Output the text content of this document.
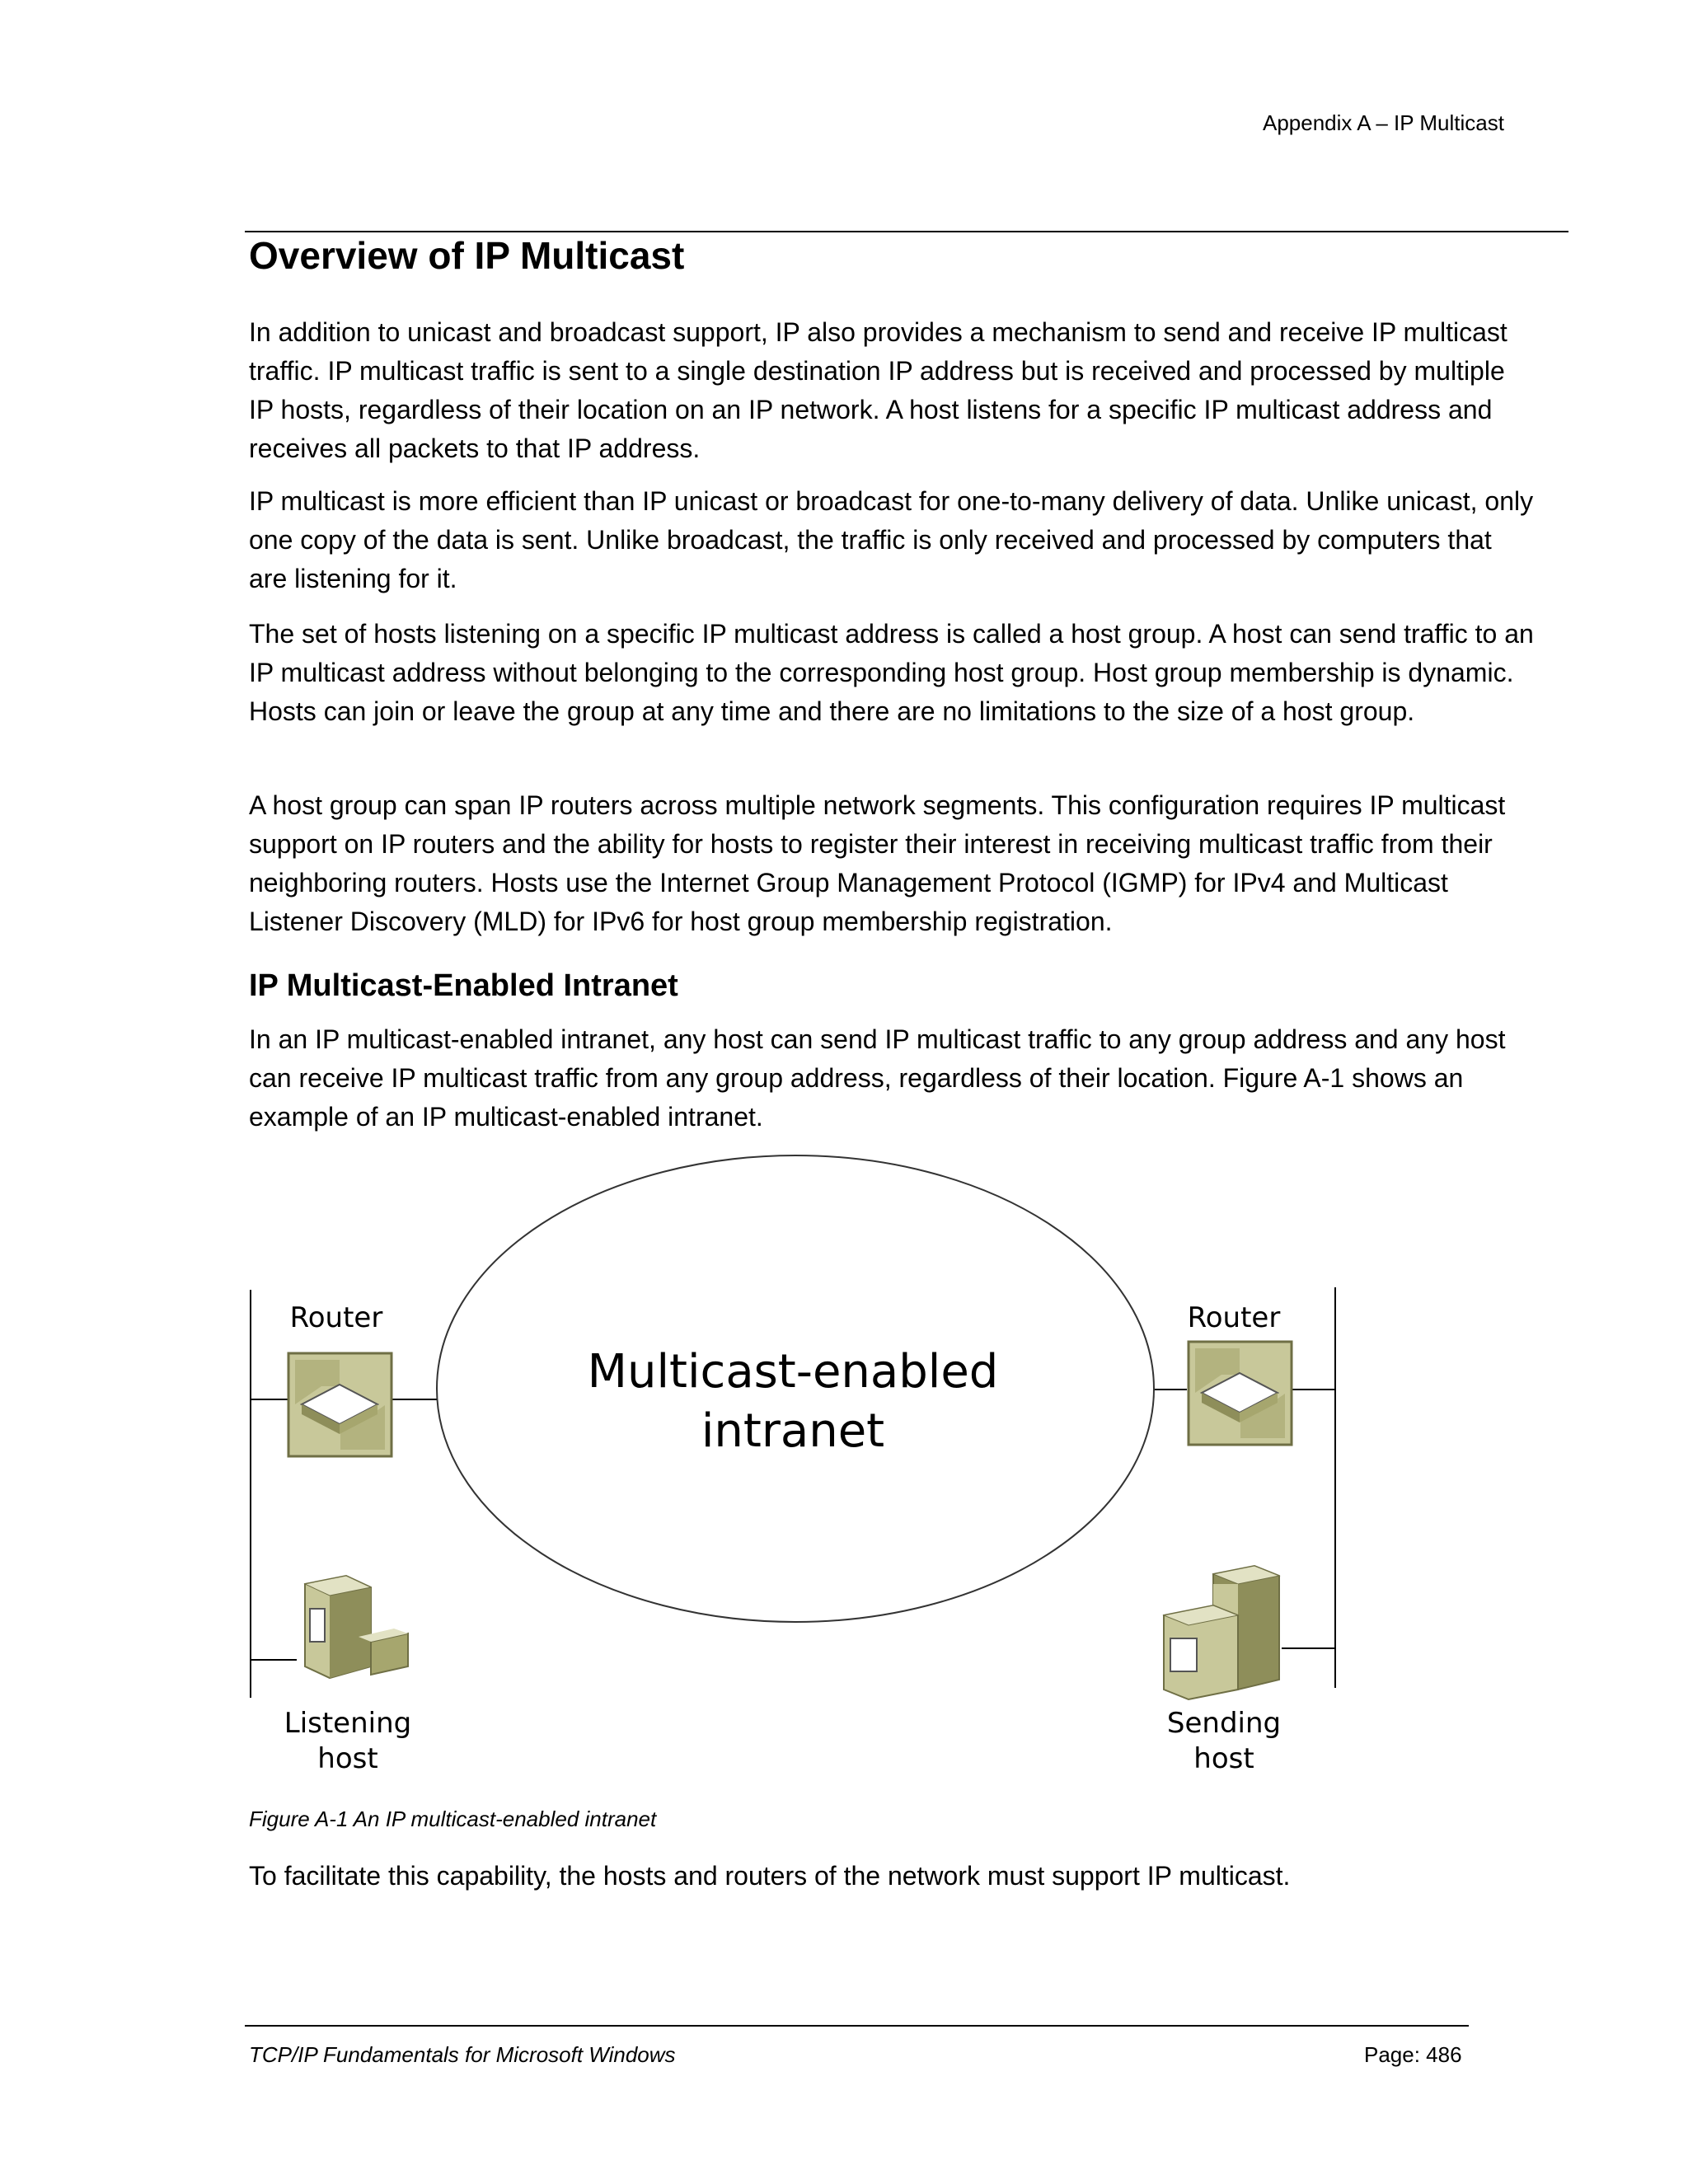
Appendix A – IP Multicast
Overview of IP Multicast

In addition to unicast and broadcast support, IP also provides a mechanism to send and receive IP multicast traffic. IP multicast traffic is sent to a single destination IP address but is received and processed by multiple IP hosts, regardless of their location on an IP network. A host listens for a specific IP multicast address and receives all packets to that IP address.

IP multicast is more efficient than IP unicast or broadcast for one-to-many delivery of data. Unlike unicast, only one copy of the data is sent. Unlike broadcast, the traffic is only received and processed by computers that are listening for it.

The set of hosts listening on a specific IP multicast address is called a host group. A host can send traffic to an IP multicast address without belonging to the corresponding host group. Host group membership is dynamic. Hosts can join or leave the group at any time and there are no limitations to the size of a host group.

A host group can span IP routers across multiple network segments. This configuration requires IP multicast support on IP routers and the ability for hosts to register their interest in receiving multicast traffic from their neighboring routers. Hosts use the Internet Group Management Protocol (IGMP) for IPv4 and Multicast Listener Discovery (MLD) for IPv6 for host group membership registration.

IP Multicast-Enabled Intranet

In an IP multicast-enabled intranet, any host can send IP multicast traffic to any group address and any host can receive IP multicast traffic from any group address, regardless of their location. Figure A-1 shows an example of an IP multicast-enabled intranet.

Multicast-enabled
intranet
Router	Router
Listening
host
Sending
host
Figure A-1 An IP multicast-enabled intranet

To facilitate this capability, the hosts and routers of the network must support IP multicast.

TCP/IP Fundamentals for Microsoft Windows	Page: 486
